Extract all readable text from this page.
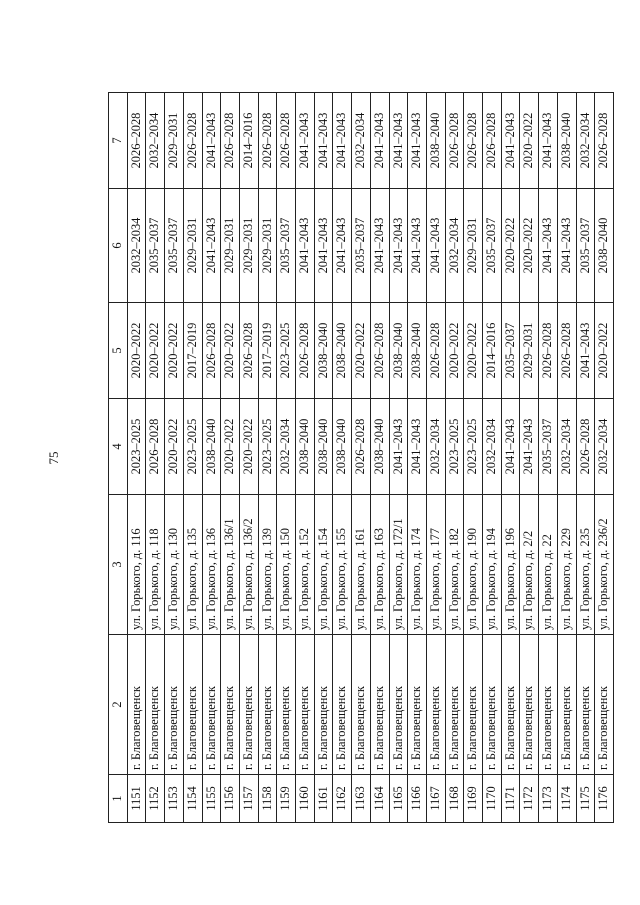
75
1	2	3	4	5	6	7
1151	г. Благовещенск	ул. Горького, д. 116	2023–2025	2020–2022	2032–2034	2026–2028
1152	г. Благовещенск	ул. Горького, д. 118	2026–2028	2020–2022	2035–2037	2032–2034
1153	г. Благовещенск	ул. Горького, д. 130	2020–2022	2020–2022	2035–2037	2029–2031
1154	г. Благовещенск	ул. Горького, д. 135	2023–2025	2017–2019	2029–2031	2026–2028
1155	г. Благовещенск	ул. Горького, д. 136	2038–2040	2026–2028	2041–2043	2041–2043
1156	г. Благовещенск	ул. Горького, д. 136/1	2020–2022	2020–2022	2029–2031	2026–2028
1157	г. Благовещенск	ул. Горького, д. 136/2	2020–2022	2026–2028	2029–2031	2014–2016
1158	г. Благовещенск	ул. Горького, д. 139	2023–2025	2017–2019	2029–2031	2026–2028
1159	г. Благовещенск	ул. Горького, д. 150	2032–2034	2023–2025	2035–2037	2026–2028
1160	г. Благовещенск	ул. Горького, д. 152	2038–2040	2026–2028	2041–2043	2041–2043
1161	г. Благовещенск	ул. Горького, д. 154	2038–2040	2038–2040	2041–2043	2041–2043
1162	г. Благовещенск	ул. Горького, д. 155	2038–2040	2038–2040	2041–2043	2041–2043
1163	г. Благовещенск	ул. Горького, д. 161	2026–2028	2020–2022	2035–2037	2032–2034
1164	г. Благовещенск	ул. Горького, д. 163	2038–2040	2026–2028	2041–2043	2041–2043
1165	г. Благовещенск	ул. Горького, д. 172/1	2041–2043	2038–2040	2041–2043	2041–2043
1166	г. Благовещенск	ул. Горького, д. 174	2041–2043	2038–2040	2041–2043	2041–2043
1167	г. Благовещенск	ул. Горького, д. 177	2032–2034	2026–2028	2041–2043	2038–2040
1168	г. Благовещенск	ул. Горького, д. 182	2023–2025	2020–2022	2032–2034	2026–2028
1169	г. Благовещенск	ул. Горького, д. 190	2023–2025	2020–2022	2029–2031	2026–2028
1170	г. Благовещенск	ул. Горького, д. 194	2032–2034	2014–2016	2035–2037	2026–2028
1171	г. Благовещенск	ул. Горького, д. 196	2041–2043	2035–2037	2020–2022	2041–2043
1172	г. Благовещенск	ул. Горького, д. 2/2	2041–2043	2029–2031	2020–2022	2020–2022
1173	г. Благовещенск	ул. Горького, д. 22	2035–2037	2026–2028	2041–2043	2041–2043
1174	г. Благовещенск	ул. Горького, д. 229	2032–2034	2026–2028	2041–2043	2038–2040
1175	г. Благовещенск	ул. Горького, д. 235	2026–2028	2041–2043	2035–2037	2032–2034
1176	г. Благовещенск	ул. Горького, д. 236/2	2032–2034	2020–2022	2038–2040	2026–2028
